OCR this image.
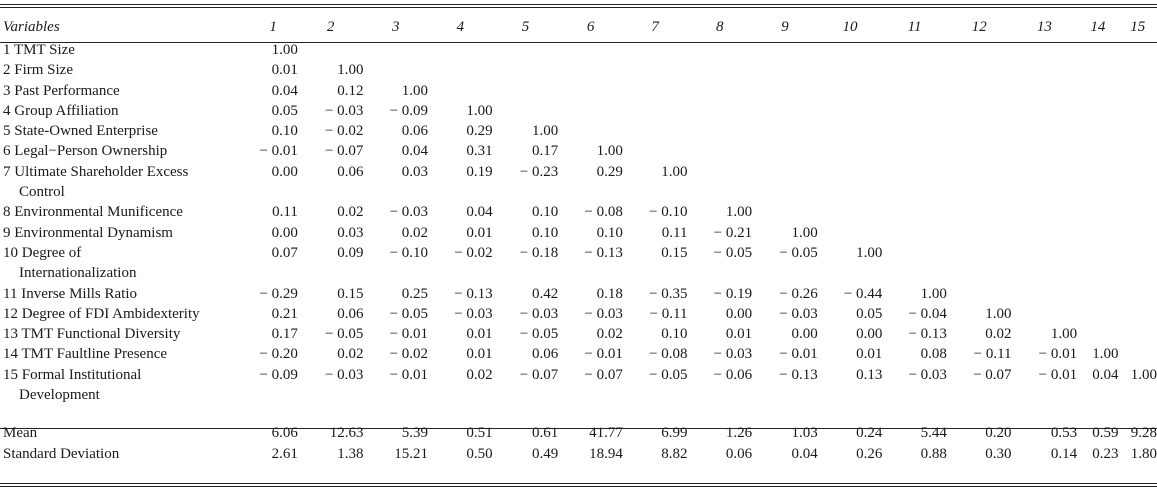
Variables	1	2	3	4	5	6	7	8	9	10	11	12	13	14	15
1 TMT Size	1.00														
2 Firm Size	0.01	1.00													
3 Past Performance	0.04	0.12	1.00												
4 Group Affiliation	0.05	− 0.03	− 0.09	1.00											
5 State-Owned Enterprise	0.10	− 0.02	0.06	0.29	1.00										
6 Legal−Person Ownership	− 0.01	− 0.07	0.04	0.31	0.17	1.00									
7 Ultimate Shareholder Excess
Control	0.00	0.06	0.03	0.19	− 0.23	0.29	1.00								
8 Environmental Munificence	0.11	0.02	− 0.03	0.04	0.10	− 0.08	− 0.10	1.00							
9 Environmental Dynamism	0.00	0.03	0.02	0.01	0.10	0.10	0.11	− 0.21	1.00						
10 Degree of
Internationalization	0.07	0.09	− 0.10	− 0.02	− 0.18	− 0.13	0.15	− 0.05	− 0.05	1.00					
11 Inverse Mills Ratio	− 0.29	0.15	0.25	− 0.13	0.42	0.18	− 0.35	− 0.19	− 0.26	− 0.44	1.00				
12 Degree of FDI Ambidexterity	0.21	0.06	− 0.05	− 0.03	− 0.03	− 0.03	− 0.11	0.00	− 0.03	0.05	− 0.04	1.00			
13 TMT Functional Diversity	0.17	− 0.05	− 0.01	0.01	− 0.05	0.02	0.10	0.01	0.00	0.00	− 0.13	0.02	1.00		
14 TMT Faultline Presence	− 0.20	0.02	− 0.02	0.01	0.06	− 0.01	− 0.08	− 0.03	− 0.01	0.01	0.08	− 0.11	− 0.01	1.00	
15 Formal Institutional
Development	− 0.09	− 0.03	− 0.01	0.02	− 0.07	− 0.07	− 0.05	− 0.06	− 0.13	0.13	− 0.03	− 0.07	− 0.01	0.04	1.00

Mean	6.06	12.63	5.39	0.51	0.61	41.77	6.99	1.26	1.03	0.24	5.44	0.20	0.53	0.59	9.28
Standard Deviation	2.61	1.38	15.21	0.50	0.49	18.94	8.82	0.06	0.04	0.26	0.88	0.30	0.14	0.23	1.80
